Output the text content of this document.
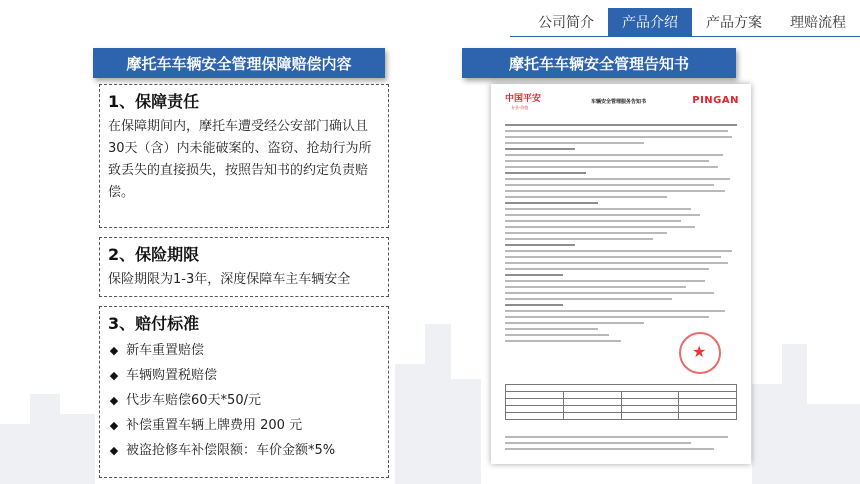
公司简介	产品介绍	产品方案	理赔流程
摩托车车辆安全管理保障赔偿内容
1、保障责任
在保障期间内，摩托车遭受经公安部门确认且30天（含）内未能破案的、盗窃、抢劫行为所致丢失的直接损失，按照告知书的约定负责赔偿。
2、保险期限
保险期限为1-3年，深度保障车主车辆安全
3、赔付标准
◆ 新车重置赔偿
◆ 车辆购置税赔偿
◆ 代步车赔偿60天*50/元
◆ 补偿重置车辆上牌费用 200 元
◆ 被盗抢修车补偿限额：车价金额*5%
摩托车车辆安全管理告知书
中国平安
专业·价值
车辆安全管理服务告知书	PINGAN
★
